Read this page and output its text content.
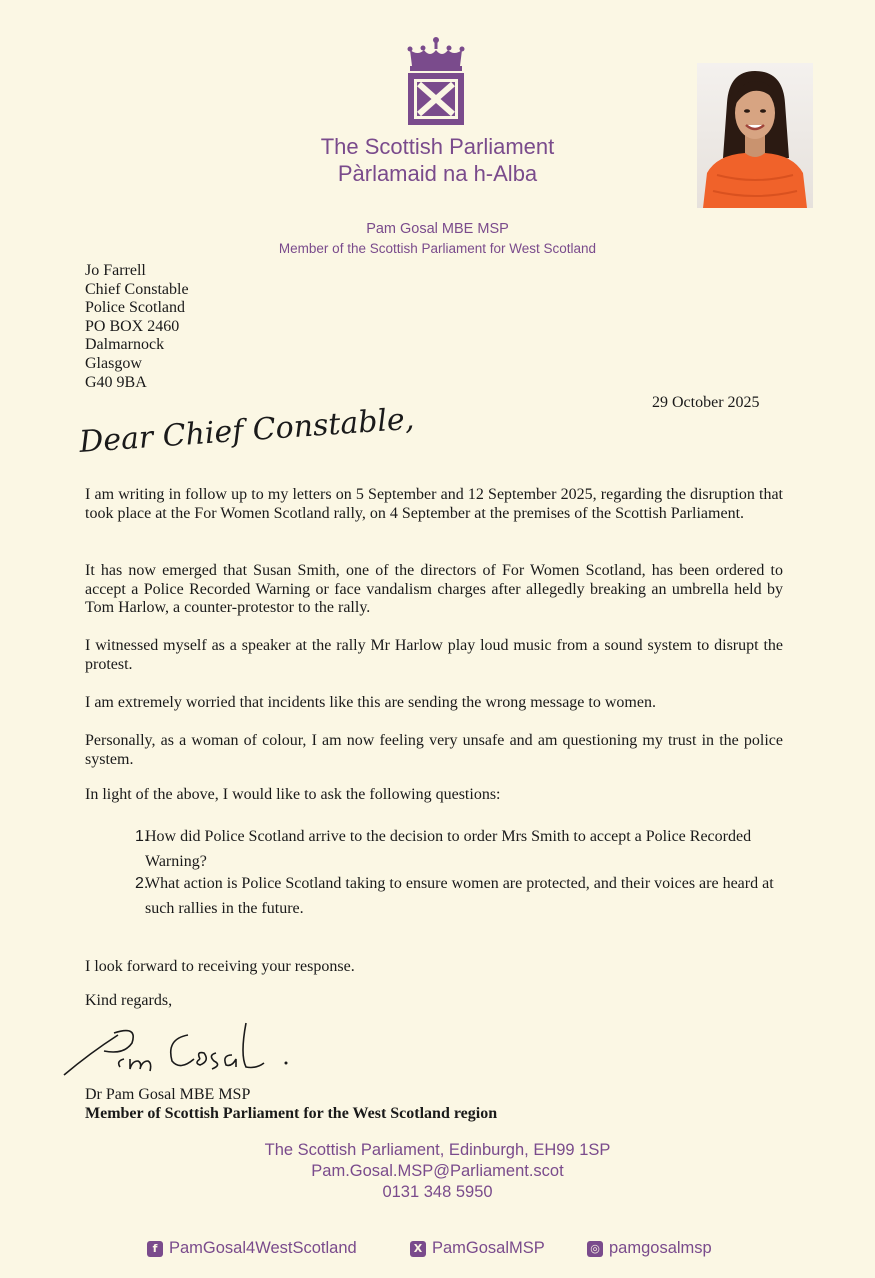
The Scottish Parliament
Pàrlamaid na h-Alba
Pam Gosal MBE MSP
Member of the Scottish Parliament for West Scotland
Jo Farrell
Chief Constable
Police Scotland
PO BOX 2460
Dalmarnock
Glasgow
G40 9BA
29 October 2025
Dear Chief Constable,
I am writing in follow up to my letters on 5 September and 12 September 2025, regarding the disruption that took place at the For Women Scotland rally, on 4 September at the premises of the Scottish Parliament.
It has now emerged that Susan Smith, one of the directors of For Women Scotland, has been ordered to accept a Police Recorded Warning or face vandalism charges after allegedly breaking an umbrella held by Tom Harlow, a counter-protestor to the rally.
I witnessed myself as a speaker at the rally Mr Harlow play loud music from a sound system to disrupt the protest.
I am extremely worried that incidents like this are sending the wrong message to women.
Personally, as a woman of colour, I am now feeling very unsafe and am questioning my trust in the police system.
In light of the above, I would like to ask the following questions:
1.
How did Police Scotland arrive to the decision to order Mrs Smith to accept a Police Recorded Warning?
2.
What action is Police Scotland taking to ensure women are protected, and their voices are heard at such rallies in the future.
I look forward to receiving your response.
Kind regards,
Dr Pam Gosal MBE MSP
Member of Scottish Parliament for the West Scotland region
The Scottish Parliament, Edinburgh, EH99 1SP
Pam.Gosal.MSP@Parliament.scot
0131 348 5950
f PamGosal4WestScotland	X PamGosalMSP	◎ pamgosalmsp
